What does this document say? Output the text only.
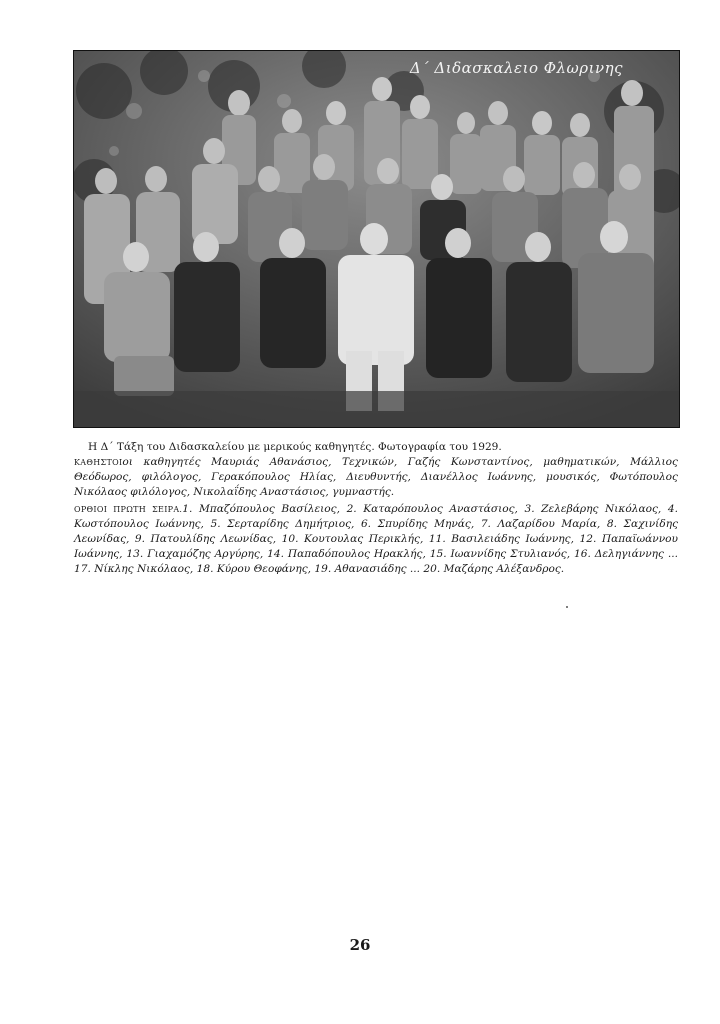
Δ΄ Διδασκαλειο Φλωρινης

Η Δ΄ Τάξη του Διδασκαλείου με μερικούς καθηγητές. Φωτογραφία του 1929.

ΚΑΘΗΣΤΟΙοι καθηγητές Μαυριάς Αθανάσιος, Τεχνικών, Γαζής Κωνσταντίνος, μαθηματικών, Μάλλιος Θεόδωρος, φιλόλογος, Γερακόπουλος Ηλίας, Διευθυντής, Διανέλλος Ιωάννης, μουσικός, Φωτόπουλος Νικόλαος φιλόλογος, Νικολαΐδης Αναστάσιος, γυμναστής.

ΟΡΘΙΟΙ ΠΡΩΤΗ ΣΕΙΡΑ.1. Μπαζόπουλος Βασίλειος, 2. Καταρόπουλος Αναστάσιος, 3. Ζελεβάρης Νικόλαος, 4. Κωστόπουλος Ιωάννης, 5. Σερταρίδης Δημήτριος, 6. Σπυρίδης Μηνάς, 7. Λαζαρίδου Μαρία, 8. Σαχινίδης Λεωνίδας, 9. Πατουλίδης Λεωνίδας, 10. Κουτουλας Περικλής, 11. Βασιλειάδης Ιωάννης, 12. Παπαϊωάννου Ιωάννης, 13. Γιαχαμόζης Αργύρης, 14. Παπαδόπουλος Ηρακλής, 15. Ιωαννίδης Στυλιανός, 16. Δεληγιάννης ... 17. Νίκλης Νικόλαος, 18. Κύρου Θεοφάνης, 19. Αθανασιάδης ... 20. Μαζάρης Αλέξανδρος.

26
